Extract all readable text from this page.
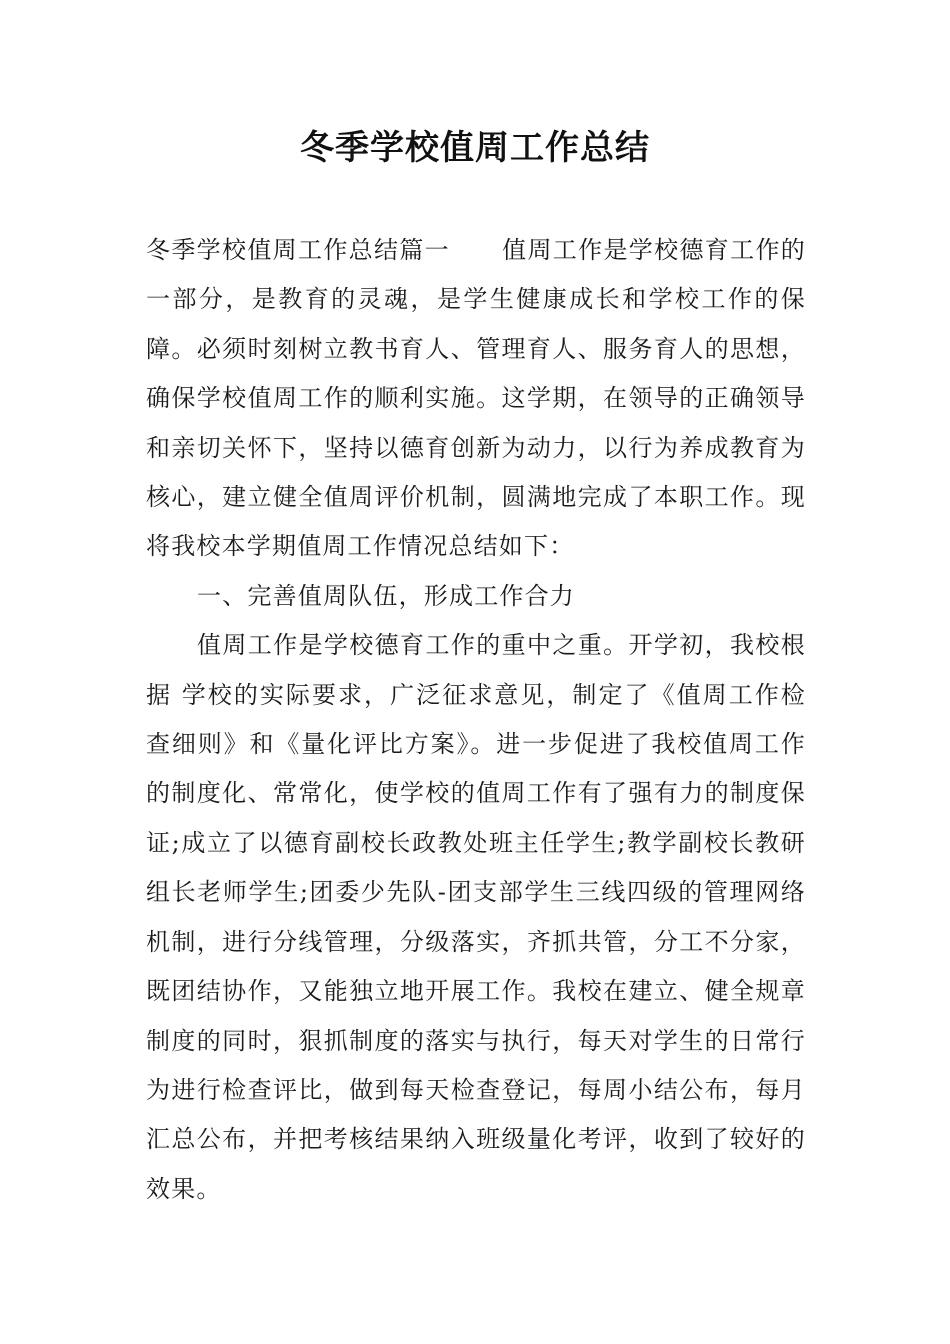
冬季学校值周工作总结

冬季学校值周工作总结篇一 值周工作是学校德育工作的一部分，是教育的灵魂，是学生健康成长和学校工作的保障。必须时刻树立教书育人、管理育人、服务育人的思想，确保学校值周工作的顺利实施。这学期，在领导的正确领导和亲切关怀下，坚持以德育创新为动力，以行为养成教育为核心，建立健全值周评价机制，圆满地完成了本职工作。现将我校本学期值周工作情况总结如下：

一、完善值周队伍，形成工作合力

值周工作是学校德育工作的重中之重。开学初，我校根据 学校的实际要求，广泛征求意见，制定了《值周工作检查细则》和《量化评比方案》。进一步促进了我校值周工作的制度化、常常化，使学校的值周工作有了强有力的制度保证;成立了以德育副校长政教处班主任学生;教学副校长教研组长老师学生;团委少先队-团支部学生三线四级的管理网络机制，进行分线管理，分级落实，齐抓共管，分工不分家，既团结协作，又能独立地开展工作。我校在建立、健全规章制度的同时，狠抓制度的落实与执行，每天对学生的日常行为进行检查评比，做到每天检查登记，每周小结公布，每月汇总公布，并把考核结果纳入班级量化考评，收到了较好的效果。
